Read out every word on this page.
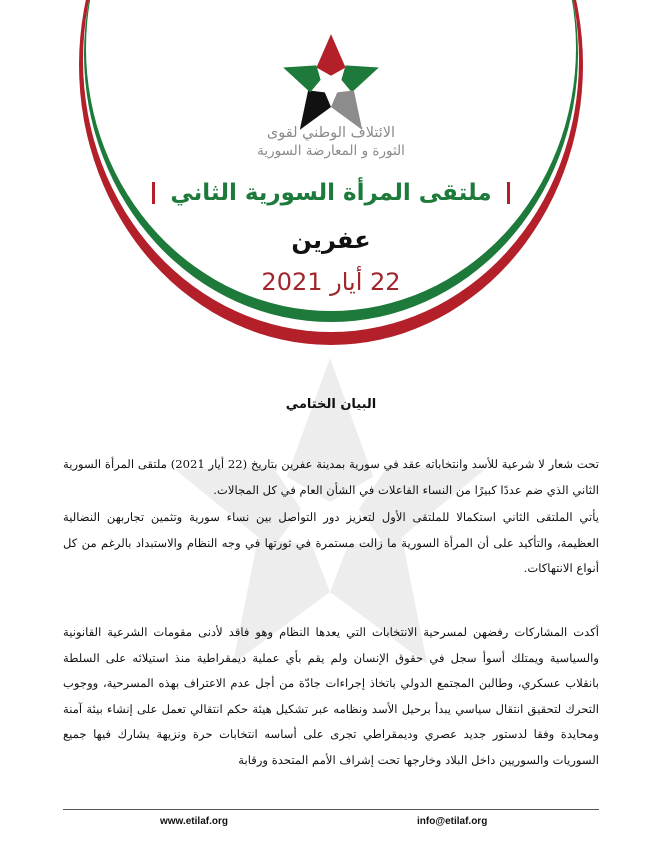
الائتلاف الوطني لقوى
الثورة و المعارضة السورية
ملتقى المرأة السورية الثاني
عفرين
22 أيار 2021
البيان الختامي

تحت شعار لا شرعية للأسد وانتخاباته عقد في سورية بمدينة عفرين بتاريخ (22 أيار 2021) ملتقى المرأة السورية الثاني الذي ضم عددًا كبيرًا من النساء الفاعلات في الشأن العام في كل المجالات.

يأتي الملتقى الثاني استكمالا للملتقى الأول لتعزيز دور التواصل بين نساء سورية وتثمين تجاربهن النضالية العظيمة، والتأكيد على أن المرأة السورية ما زالت مستمرة في ثورتها في وجه النظام والاستبداد بالرغم من كل أنواع الانتهاكات.

أكدت المشاركات رفضهن لمسرحية الانتخابات التي يعدها النظام وهو فاقد لأدنى مقومات الشرعية القانونية والسياسية ويمتلك أسوأ سجل في حقوق الإنسان ولم يقم بأي عملية ديمقراطية منذ استيلائه على السلطة بانقلاب عسكري، وطالبن المجتمع الدولي باتخاذ إجراءات جادّة من أجل عدم الاعتراف بهذه المسرحية، ووجوب التحرك لتحقيق انتقال سياسي يبدأ برحيل الأسد ونظامه عبر تشكيل هيئة حكم انتقالي تعمل على إنشاء بيئة آمنة ومحايدة وفقا لدستور جديد عصري وديمقراطي تجرى على أساسه انتخابات حرة ونزيهة يشارك فيها جميع السوريات والسوريين داخل البلاد وخارجها تحت إشراف الأمم المتحدة ورقابة

www.etilaf.org	info@etilaf.org
